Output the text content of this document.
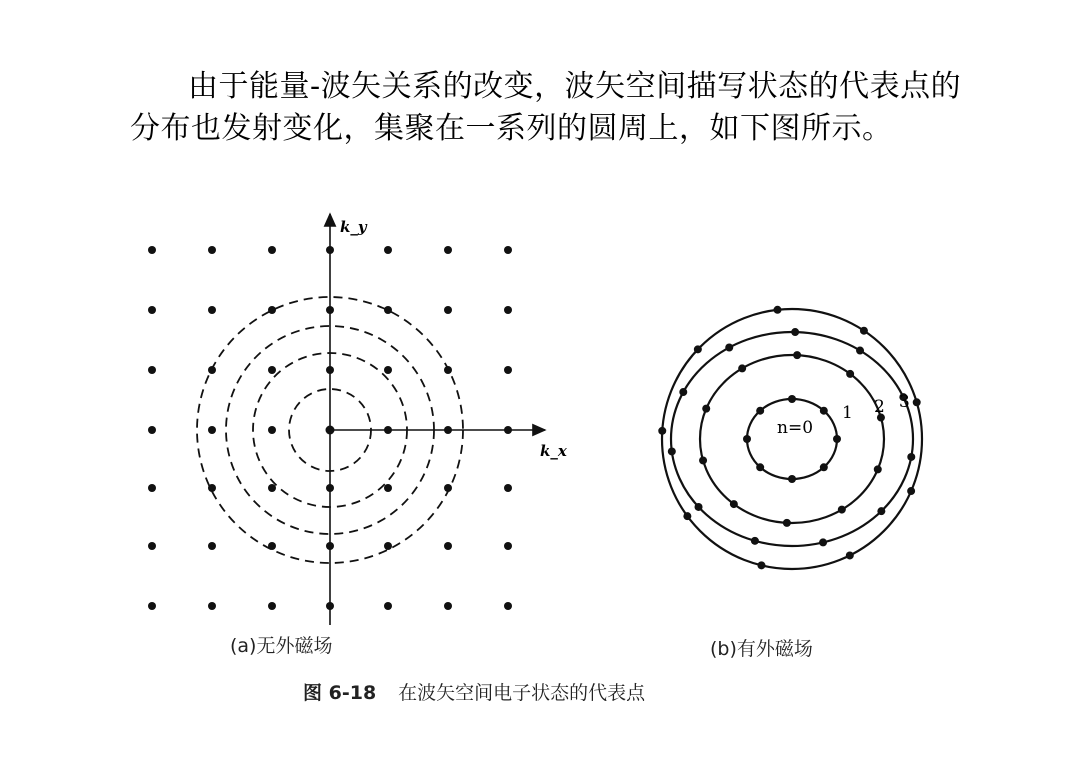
由于能量-波矢关系的改变，波矢空间描写状态的代表点的
分布也发射变化，集聚在一系列的圆周上，如下图所示。
k_y
k_x
n=0
1 2 3
(a)无外磁场	(b)有外磁场
图 6-18 在波矢空间电子状态的代表点
